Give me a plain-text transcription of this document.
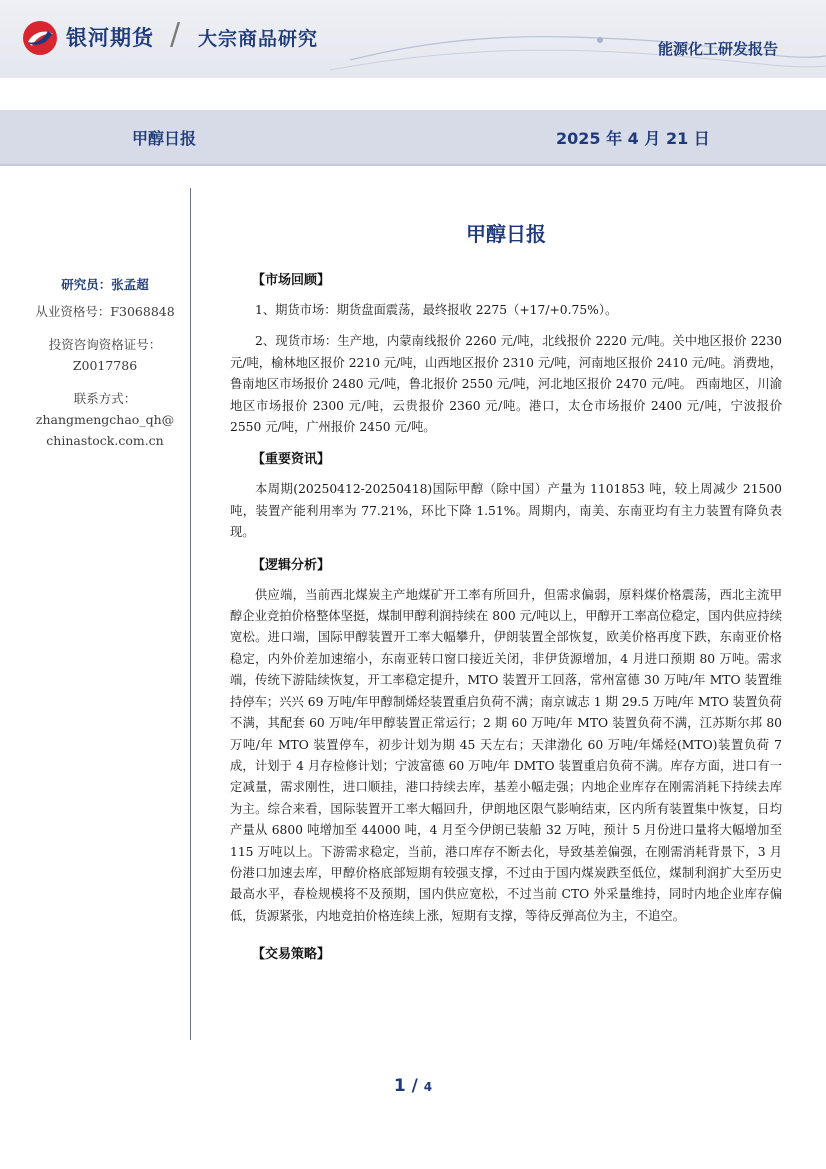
银河期货 / 大宗商品研究	能源化工研发报告
甲醇日报	2025 年 4 月 21 日
研究员：张孟超
从业资格号：F3068848
投资咨询资格证号：
Z0017786
联系方式：
zhangmengchao_qh@
chinastock.com.cn
甲醇日报
【市场回顾】

1、期货市场：期货盘面震荡，最终报收 2275（+17/+0.75%）。

2、现货市场：生产地，内蒙南线报价 2260 元/吨，北线报价 2220 元/吨。关中地区报价 2230 元/吨，榆林地区报价 2210 元/吨，山西地区报价 2310 元/吨，河南地区报价 2410 元/吨。消费地，鲁南地区市场报价 2480 元/吨，鲁北报价 2550 元/吨，河北地区报价 2470 元/吨。 西南地区，川渝地区市场报价 2300 元/吨，云贵报价 2360 元/吨。港口，太仓市场报价 2400 元/吨，宁波报价 2550 元/吨，广州报价 2450 元/吨。

【重要资讯】

本周期(20250412-20250418)国际甲醇（除中国）产量为 1101853 吨，较上周减少 21500 吨，装置产能利用率为 77.21%，环比下降 1.51%。周期内，南美、东南亚均有主力装置有降负表现。

【逻辑分析】

供应端，当前西北煤炭主产地煤矿开工率有所回升，但需求偏弱，原料煤价格震荡，西北主流甲醇企业竞拍价格整体坚挺，煤制甲醇利润持续在 800 元/吨以上，甲醇开工率高位稳定，国内供应持续宽松。进口端，国际甲醇装置开工率大幅攀升，伊朗装置全部恢复，欧美价格再度下跌，东南亚价格稳定，内外价差加速缩小，东南亚转口窗口接近关闭，非伊货源增加，4 月进口预期 80 万吨。需求端，传统下游陆续恢复，开工率稳定提升，MTO 装置开工回落，常州富德 30 万吨/年 MTO 装置维持停车；兴兴 69 万吨/年甲醇制烯烃装置重启负荷不满；南京诚志 1 期 29.5 万吨/年 MTO 装置负荷不满，其配套 60 万吨/年甲醇装置正常运行；2 期 60 万吨/年 MTO 装置负荷不满，江苏斯尔邦 80 万吨/年 MTO 装置停车，初步计划为期 45 天左右；天津渤化 60 万吨/年烯烃(MTO)装置负荷 7 成，计划于 4 月存检修计划；宁波富德 60 万吨/年 DMTO 装置重启负荷不满。库存方面，进口有一定减量，需求刚性，进口顺挂，港口持续去库，基差小幅走强；内地企业库存在刚需消耗下持续去库为主。综合来看，国际装置开工率大幅回升，伊朗地区限气影响结束，区内所有装置集中恢复，日均产量从 6800 吨增加至 44000 吨，4 月至今伊朗已装船 32 万吨，预计 5 月份进口量将大幅增加至 115 万吨以上。下游需求稳定，当前，港口库存不断去化，导致基差偏强，在刚需消耗背景下，3 月份港口加速去库，甲醇价格底部短期有较强支撑，不过由于国内煤炭跌至低位，煤制利润扩大至历史最高水平，春检规模将不及预期，国内供应宽松，不过当前 CTO 外采量维持，同时内地企业库存偏低，货源紧张，内地竞拍价格连续上涨，短期有支撑，等待反弹高位为主，不追空。

【交易策略】
1 / 4
